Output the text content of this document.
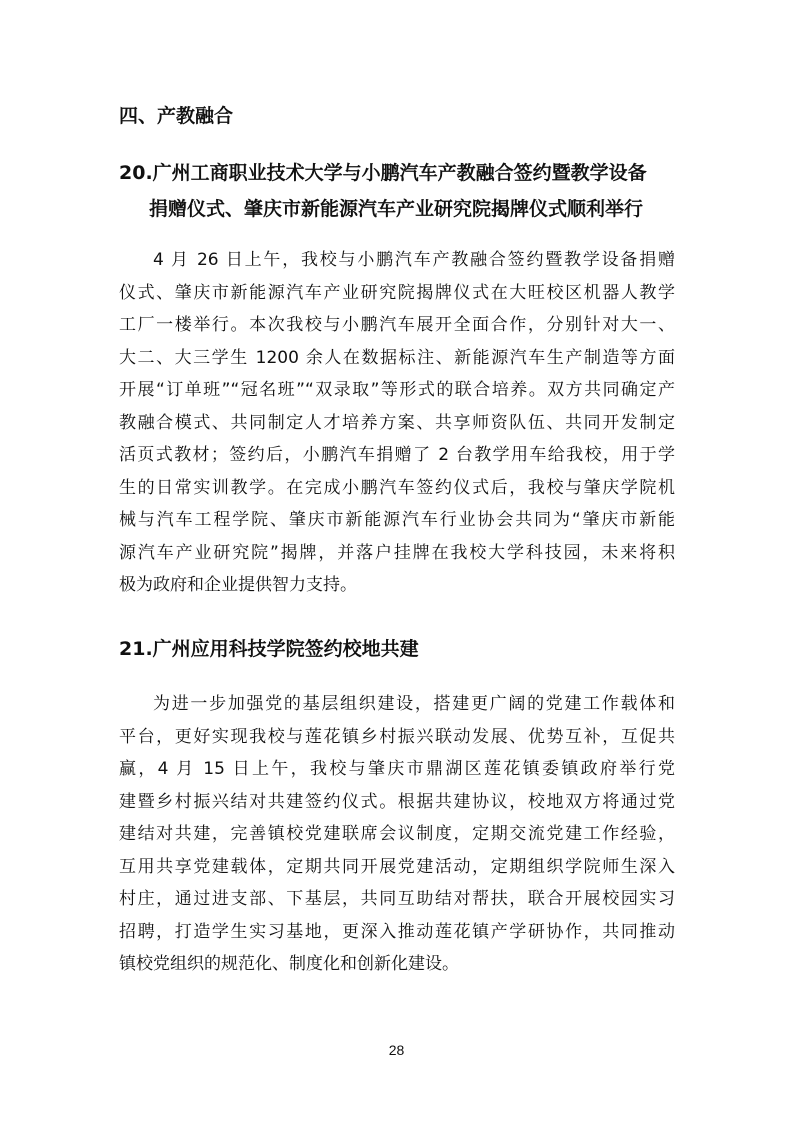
四、产教融合
20.广州工商职业技术大学与小鹏汽车产教融合签约暨教学设备
捐赠仪式、肇庆市新能源汽车产业研究院揭牌仪式顺利举行
4 月 26 日上午，我校与小鹏汽车产教融合签约暨教学设备捐赠
仪式、肇庆市新能源汽车产业研究院揭牌仪式在大旺校区机器人教学
工厂一楼举行。本次我校与小鹏汽车展开全面合作，分别针对大一、
大二、大三学生 1200 余人在数据标注、新能源汽车生产制造等方面
开展“订单班”“冠名班”“双录取”等形式的联合培养。双方共同确定产
教融合模式、共同制定人才培养方案、共享师资队伍、共同开发制定
活页式教材；签约后，小鹏汽车捐赠了 2 台教学用车给我校，用于学
生的日常实训教学。在完成小鹏汽车签约仪式后，我校与肇庆学院机
械与汽车工程学院、肇庆市新能源汽车行业协会共同为“肇庆市新能
源汽车产业研究院”揭牌，并落户挂牌在我校大学科技园，未来将积
极为政府和企业提供智力支持。
21.广州应用科技学院签约校地共建
为进一步加强党的基层组织建设，搭建更广阔的党建工作载体和
平台，更好实现我校与莲花镇乡村振兴联动发展、优势互补，互促共
赢，4 月 15 日上午，我校与肇庆市鼎湖区莲花镇委镇政府举行党
建暨乡村振兴结对共建签约仪式。根据共建协议，校地双方将通过党
建结对共建，完善镇校党建联席会议制度，定期交流党建工作经验，
互用共享党建载体，定期共同开展党建活动，定期组织学院师生深入
村庄，通过进支部、下基层，共同互助结对帮扶，联合开展校园实习
招聘，打造学生实习基地，更深入推动莲花镇产学研协作，共同推动
镇校党组织的规范化、制度化和创新化建设。
28
